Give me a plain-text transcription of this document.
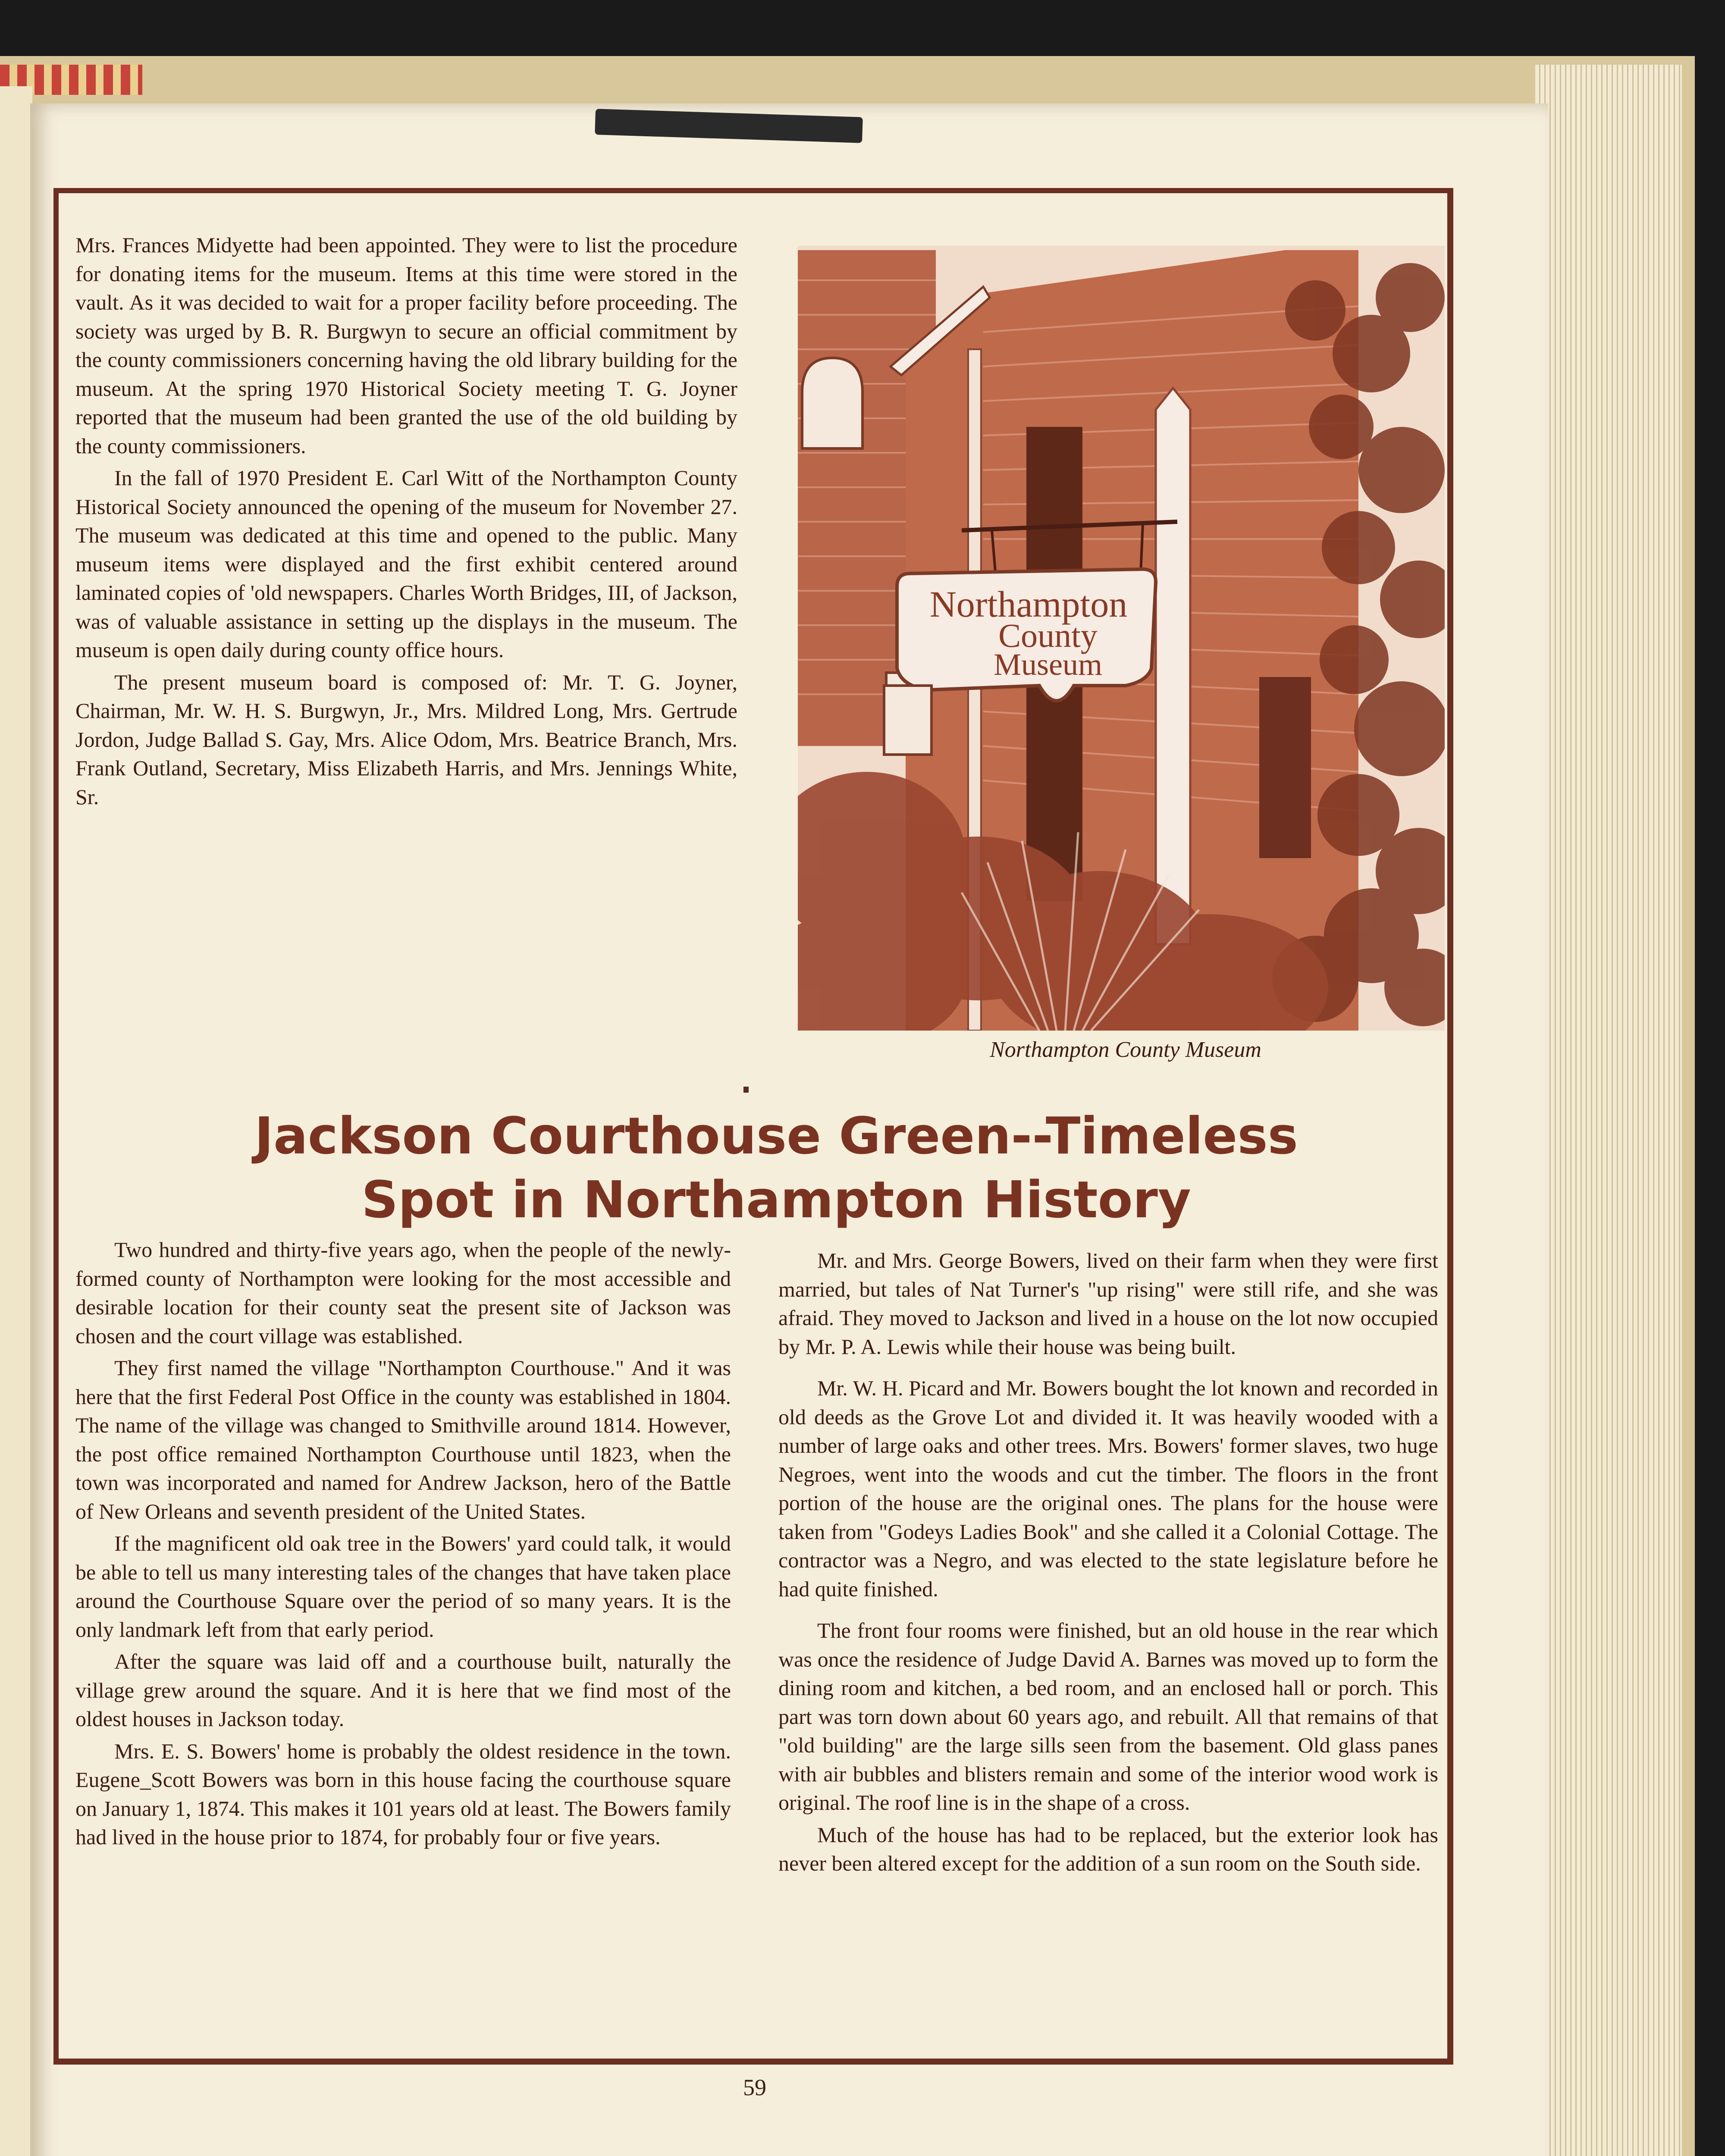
Mrs. Frances Midyette had been appointed. They were to list the procedure for donating items for the museum. Items at this time were stored in the vault. As it was decided to wait for a proper facility before proceeding. The society was urged by B. R. Burgwyn to secure an official commitment by the county commissioners concerning having the old library building for the museum. At the spring 1970 Historical Society meeting T. G. Joyner reported that the museum had been granted the use of the old building by the county commissioners.

In the fall of 1970 President E. Carl Witt of the Northampton County Historical Society announced the opening of the museum for November 27. The museum was dedicated at this time and opened to the public. Many museum items were displayed and the first exhibit centered around laminated copies of 'old newspapers. Charles Worth Bridges, III, of Jackson, was of valuable assistance in setting up the displays in the museum. The museum is open daily during county office hours.

The present museum board is composed of: Mr. T. G. Joyner, Chairman, Mr. W. H. S. Burgwyn, Jr., Mrs. Mildred Long, Mrs. Gertrude Jordon, Judge Ballad S. Gay, Mrs. Alice Odom, Mrs. Beatrice Branch, Mrs. Frank Outland, Secretary, Miss Elizabeth Harris, and Mrs. Jennings White, Sr.

Northampton
County
Museum
Northampton County Museum
Jackson Courthouse Green--Timeless
Spot in Northampton History

Two hundred and thirty-five years ago, when the people of the newly-formed county of Northampton were looking for the most accessible and desirable location for their county seat the present site of Jackson was chosen and the court village was established.

They first named the village "Northampton Courthouse." And it was here that the first Federal Post Office in the county was established in 1804. The name of the village was changed to Smithville around 1814. However, the post office remained Northampton Courthouse until 1823, when the town was incorporated and named for Andrew Jackson, hero of the Battle of New Orleans and seventh president of the United States.

If the magnificent old oak tree in the Bowers' yard could talk, it would be able to tell us many interesting tales of the changes that have taken place around the Courthouse Square over the period of so many years. It is the only landmark left from that early period.

After the square was laid off and a courthouse built, naturally the village grew around the square. And it is here that we find most of the oldest houses in Jackson today.

Mrs. E. S. Bowers' home is probably the oldest residence in the town. Eugene_Scott Bowers was born in this house facing the courthouse square on January 1, 1874. This makes it 101 years old at least. The Bowers family had lived in the house prior to 1874, for probably four or five years.

Mr. and Mrs. George Bowers, lived on their farm when they were first married, but tales of Nat Turner's "up rising" were still rife, and she was afraid. They moved to Jackson and lived in a house on the lot now occupied by Mr. P. A. Lewis while their house was being built.

Mr. W. H. Picard and Mr. Bowers bought the lot known and recorded in old deeds as the Grove Lot and divided it. It was heavily wooded with a number of large oaks and other trees. Mrs. Bowers' former slaves, two huge Negroes, went into the woods and cut the timber. The floors in the front portion of the house are the original ones. The plans for the house were taken from "Godeys Ladies Book" and she called it a Colonial Cottage. The contractor was a Negro, and was elected to the state legislature before he had quite finished.

The front four rooms were finished, but an old house in the rear which was once the residence of Judge David A. Barnes was moved up to form the dining room and kitchen, a bed room, and an enclosed hall or porch. This part was torn down about 60 years ago, and rebuilt. All that remains of that "old building" are the large sills seen from the basement. Old glass panes with air bubbles and blisters remain and some of the interior wood work is original. The roof line is in the shape of a cross.

Much of the house has had to be replaced, but the exterior look has never been altered except for the addition of a sun room on the South side.

59
